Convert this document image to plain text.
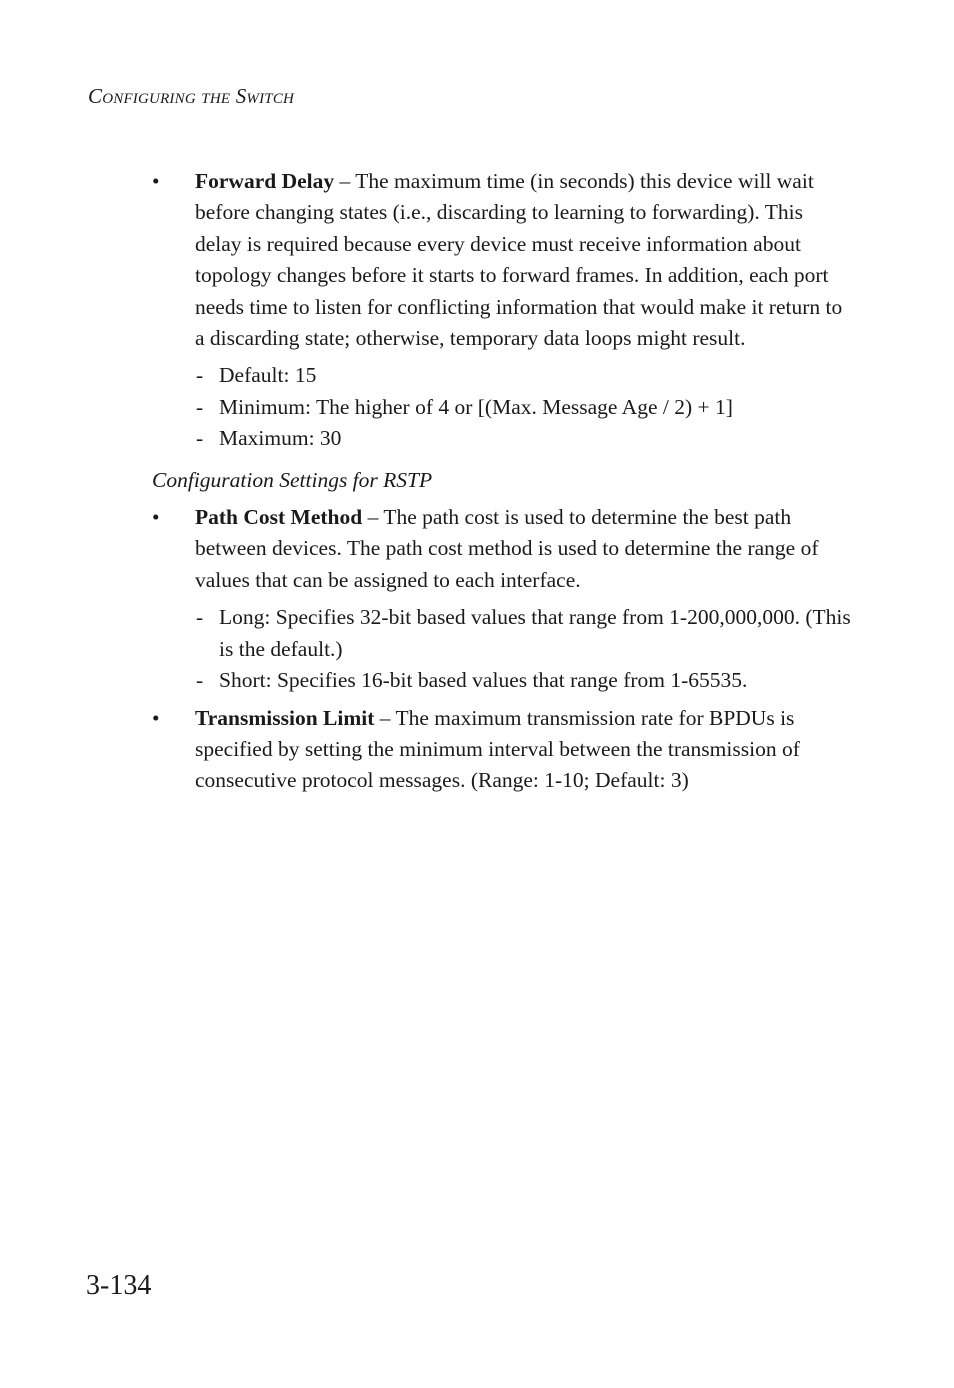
Configuring the Switch
• Forward Delay – The maximum time (in seconds) this device will wait before changing states (i.e., discarding to learning to forwarding). This delay is required because every device must receive information about topology changes before it starts to forward frames. In addition, each port needs time to listen for conflicting information that would make it return to a discarding state; otherwise, temporary data loops might result.
- Default: 15
- Minimum: The higher of 4 or [(Max. Message Age / 2) + 1]
- Maximum: 30
Configuration Settings for RSTP
• Path Cost Method – The path cost is used to determine the best path between devices. The path cost method is used to determine the range of values that can be assigned to each interface.
- Long: Specifies 32-bit based values that range from 1-200,000,000. (This is the default.)
- Short: Specifies 16-bit based values that range from 1-65535.
• Transmission Limit – The maximum transmission rate for BPDUs is specified by setting the minimum interval between the transmission of consecutive protocol messages. (Range: 1-10; Default: 3)
3-134
